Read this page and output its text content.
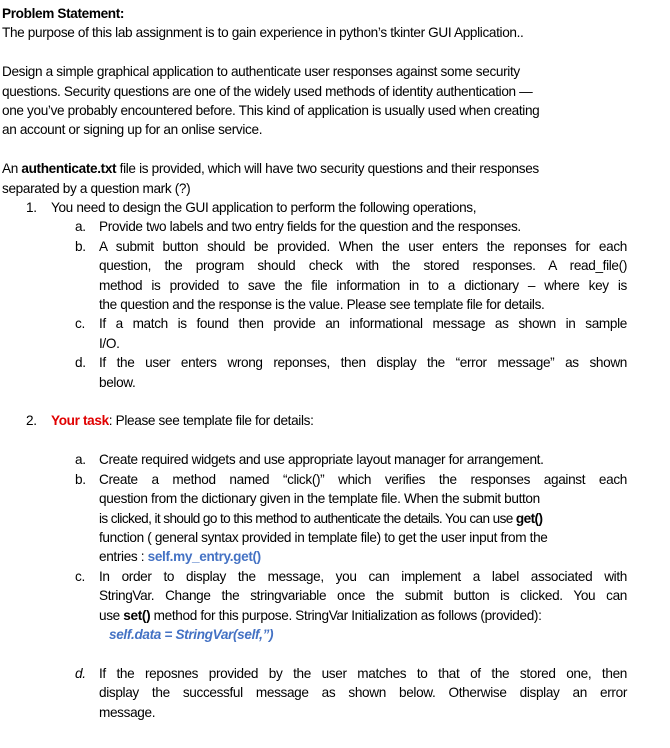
Problem Statement:
The purpose of this lab assignment is to gain experience in python’s tkinter GUI Application..
Design a simple graphical application to authenticate user responses against some security
questions. Security questions are one of the widely used methods of identity authentication —
one you’ve probably encountered before. This kind of application is usually used when creating
an account or signing up for an onlise service.
An authenticate.txt file is provided, which will have two security questions and their responses
separated by a question mark (?)
1. You need to design the GUI application to perform the following operations,
a. Provide two labels and two entry fields for the question and the responses.
b. A submit button should be provided. When the user enters the reponses for each
question, the program should check with the stored responses. A read_file()
method is provided to save the file information in to a dictionary – where key is
the question and the response is the value. Please see template file for details.
c. If a match is found then provide an informational message as shown in sample
I/O.
d. If the user enters wrong reponses, then display the “error message” as shown
below.
2. Your task: Please see template file for details:
a. Create required widgets and use appropriate layout manager for arrangement.
b. Create a method named “click()” which verifies the responses against each
question from the dictionary given in the template file. When the submit button
is clicked, it should go to this method to authenticate the details. You can use get()
function ( general syntax provided in template file) to get the user input from the
entries : self.my_entry.get()
c. In order to display the message, you can implement a label associated with
StringVar. Change the stringvariable once the submit button is clicked. You can
use set() method for this purpose. StringVar Initialization as follows (provided):
self.data = StringVar(self,”)
d. If the reposnes provided by the user matches to that of the stored one, then
display the successful message as shown below. Otherwise display an error
message.
